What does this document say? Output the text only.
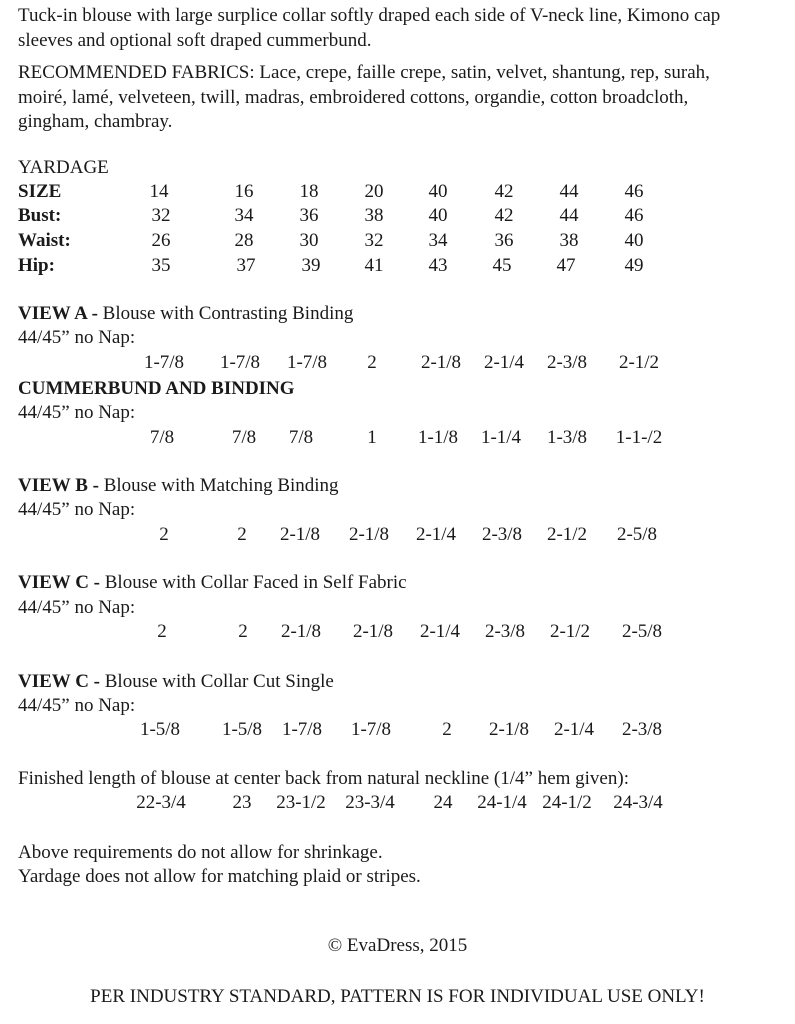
Tuck-in blouse with large surplice collar softly draped each side of V-neck line, Kimono cap
sleeves and optional soft draped cummerbund.
RECOMMENDED FABRICS: Lace, crepe, faille crepe, satin, velvet, shantung, rep, surah,
moiré, lamé, velveteen, twill, madras, embroidered cottons, organdie, cotton broadcloth,
gingham, chambray.
YARDAGE
SIZE	14	16	18	20	40	42	44	46
Bust:	32	34	36	38	40	42	44	46
Waist:	26	28	30	32	34	36	38	40
Hip:	35	37	39	41	43	45	47	49
VIEW A - Blouse with Contrasting Binding
44/45” no Nap:
1-7/8	1-7/8	1-7/8	2	2-1/8	2-1/4	2-3/8	2-1/2
CUMMERBUND AND BINDING
44/45” no Nap:
7/8	7/8	7/8	1	1-1/8	1-1/4	1-3/8	1-1-/2
VIEW B - Blouse with Matching Binding
44/45” no Nap:
2	2	2-1/8	2-1/8	2-1/4	2-3/8	2-1/2	2-5/8
VIEW C - Blouse with Collar Faced in Self Fabric
44/45” no Nap:
2	2	2-1/8	2-1/8	2-1/4	2-3/8	2-1/2	2-5/8
VIEW C - Blouse with Collar Cut Single
44/45” no Nap:
1-5/8	1-5/8	1-7/8	1-7/8	2	2-1/8	2-1/4	2-3/8
Finished length of blouse at center back from natural neckline (1/4” hem given):
22-3/4	23	23-1/2	23-3/4	24	24-1/4 24-1/2	24-3/4
Above requirements do not allow for shrinkage.
Yardage does not allow for matching plaid or stripes.
© EvaDress, 2015
PER INDUSTRY STANDARD, PATTERN IS FOR INDIVIDUAL USE ONLY!
